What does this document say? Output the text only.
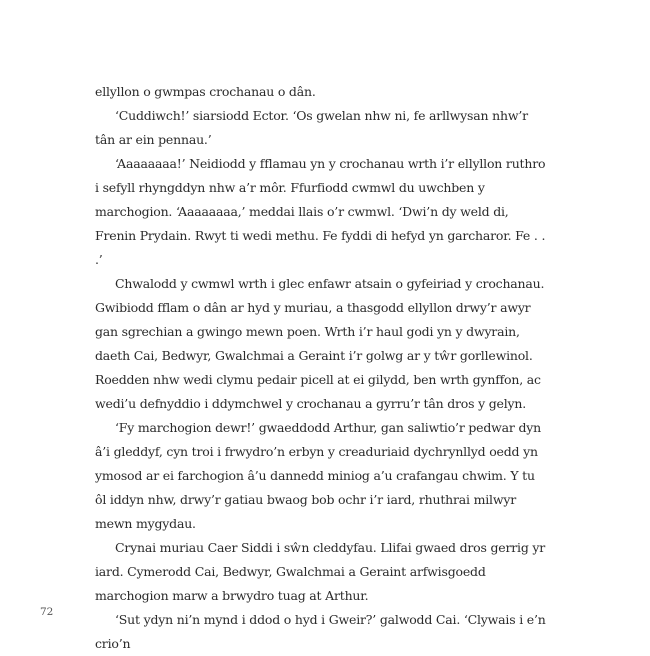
ellyllon o gwmpas crochanau o dân.

‘Cuddiwch!’ siarsiodd Ector. ‘Os gwelan nhw ni, fe arllwysan nhw’r tân ar ein pennau.’

‘Aaaaaaaa!’ Neidiodd y fflamau yn y crochanau wrth i’r ellyllon ruthro i sefyll rhyngddyn nhw a’r môr. Ffurfiodd cwmwl du uwchben y marchogion. ‘Aaaaaaaa,’ meddai llais o’r cwmwl. ‘Dwi’n dy weld di, Frenin Prydain. Rwyt ti wedi methu. Fe fyddi di hefyd yn garcharor. Fe . . .’

Chwalodd y cwmwl wrth i glec enfawr atsain o gyfeiriad y crochanau. Gwibiodd fflam o dân ar hyd y muriau, a thasgodd ellyllon drwy’r awyr gan sgrechian a gwingo mewn poen. Wrth i’r haul godi yn y dwyrain, daeth Cai, Bedwyr, Gwalchmai a Geraint i’r golwg ar y tŵr gorllewinol. Roedden nhw wedi clymu pedair picell at ei gilydd, ben wrth gynffon, ac wedi’u defnyddio i ddymchwel y crochanau a gyrru’r tân dros y gelyn.

‘Fy marchogion dewr!’ gwaeddodd Arthur, gan saliwtio’r pedwar dyn â’i gleddyf, cyn troi i frwydro’n erbyn y creaduriaid dychrynllyd oedd yn ymosod ar ei farchogion â’u dannedd miniog a’u crafangau chwim. Y tu ôl iddyn nhw, drwy’r gatiau bwaog bob ochr i’r iard, rhuthrai milwyr mewn mygydau.

Crynai muriau Caer Siddi i sŵn cleddyfau. Llifai gwaed dros gerrig yr iard. Cymerodd Cai, Bedwyr, Gwalchmai a Geraint arfwisgoedd marchogion marw a brwydro tuag at Arthur.

‘Sut ydyn ni’n mynd i ddod o hyd i Gweir?’ galwodd Cai. ‘Clywais i e’n crio’n

72
